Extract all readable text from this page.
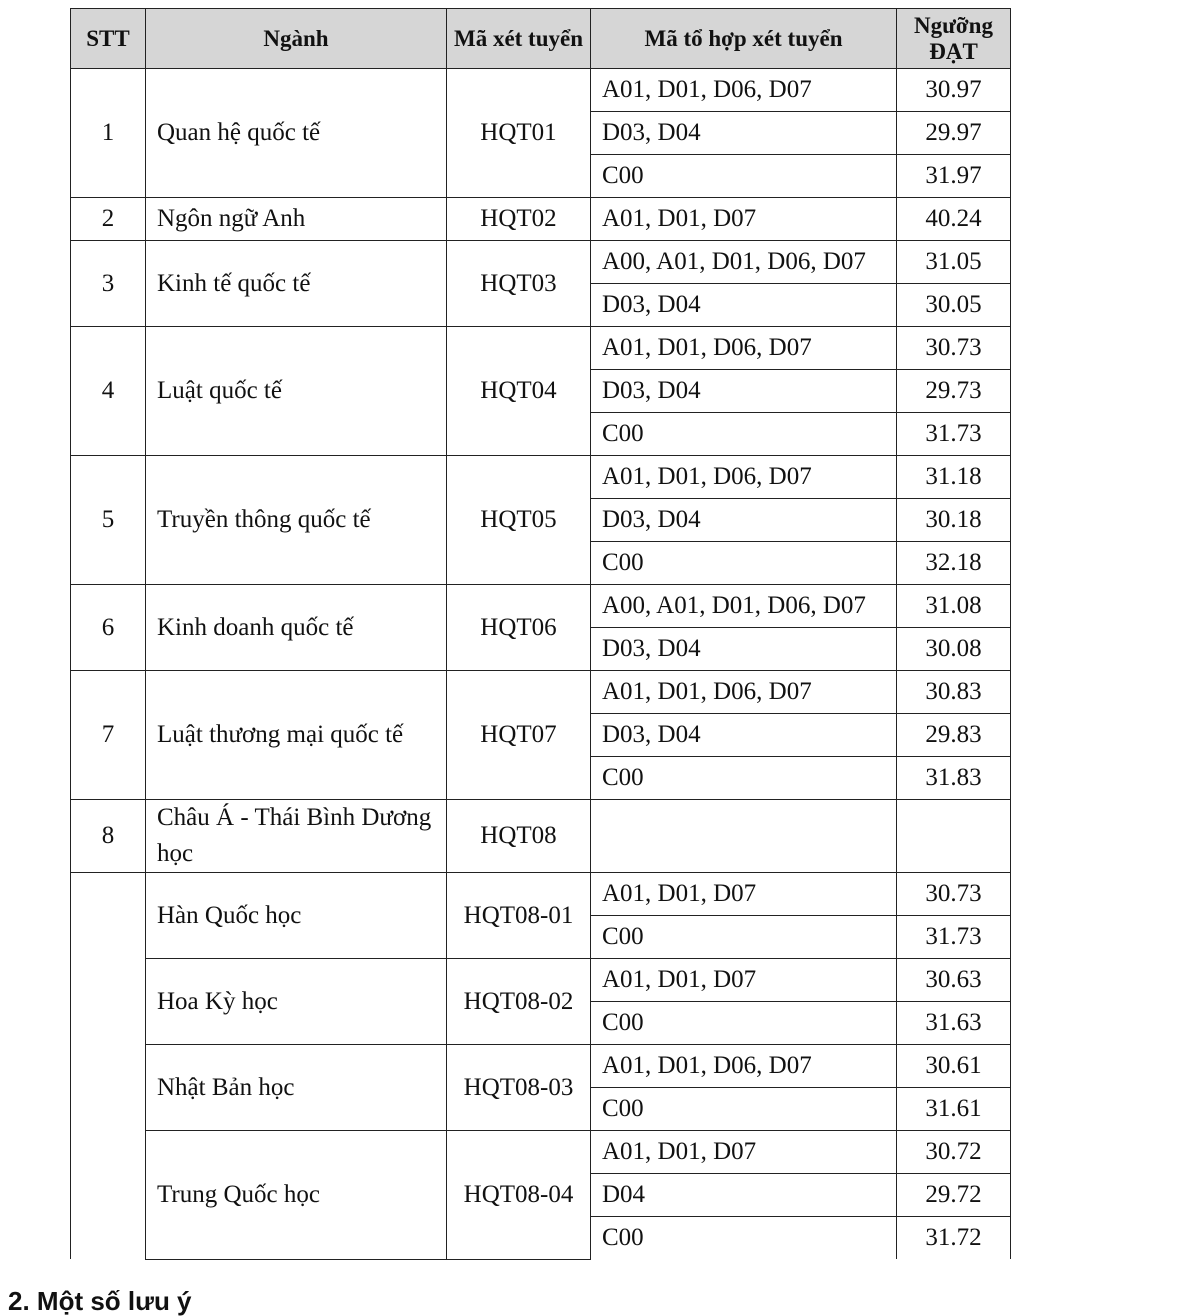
STT	Ngành	Mã xét tuyển	Mã tổ hợp xét tuyển	Ngưỡng ĐẠT
1	Quan hệ quốc tế	HQT01	A01, D01, D06, D07	30.97
			D03, D04	29.97
			C00	31.97
2	Ngôn ngữ Anh	HQT02	A01, D01, D07	40.24
3	Kinh tế quốc tế	HQT03	A00, A01, D01, D06, D07	31.05
			D03, D04	30.05
4	Luật quốc tế	HQT04	A01, D01, D06, D07	30.73
			D03, D04	29.73
			C00	31.73
5	Truyền thông quốc tế	HQT05	A01, D01, D06, D07	31.18
			D03, D04	30.18
			C00	32.18
6	Kinh doanh quốc tế	HQT06	A00, A01, D01, D06, D07	31.08
			D03, D04	30.08
7	Luật thương mại quốc tế	HQT07	A01, D01, D06, D07	30.83
			D03, D04	29.83
			C00	31.83
8	Châu Á - Thái Bình Dương học	HQT08		
	Hàn Quốc học	HQT08-01	A01, D01, D07	30.73
			C00	31.73
	Hoa Kỳ học	HQT08-02	A01, D01, D07	30.63
			C00	31.63
	Nhật Bản học	HQT08-03	A01, D01, D06, D07	30.61
			C00	31.61
	Trung Quốc học	HQT08-04	A01, D01, D07	30.72
			D04	29.72
			C00	31.72
2. Một số lưu ý
